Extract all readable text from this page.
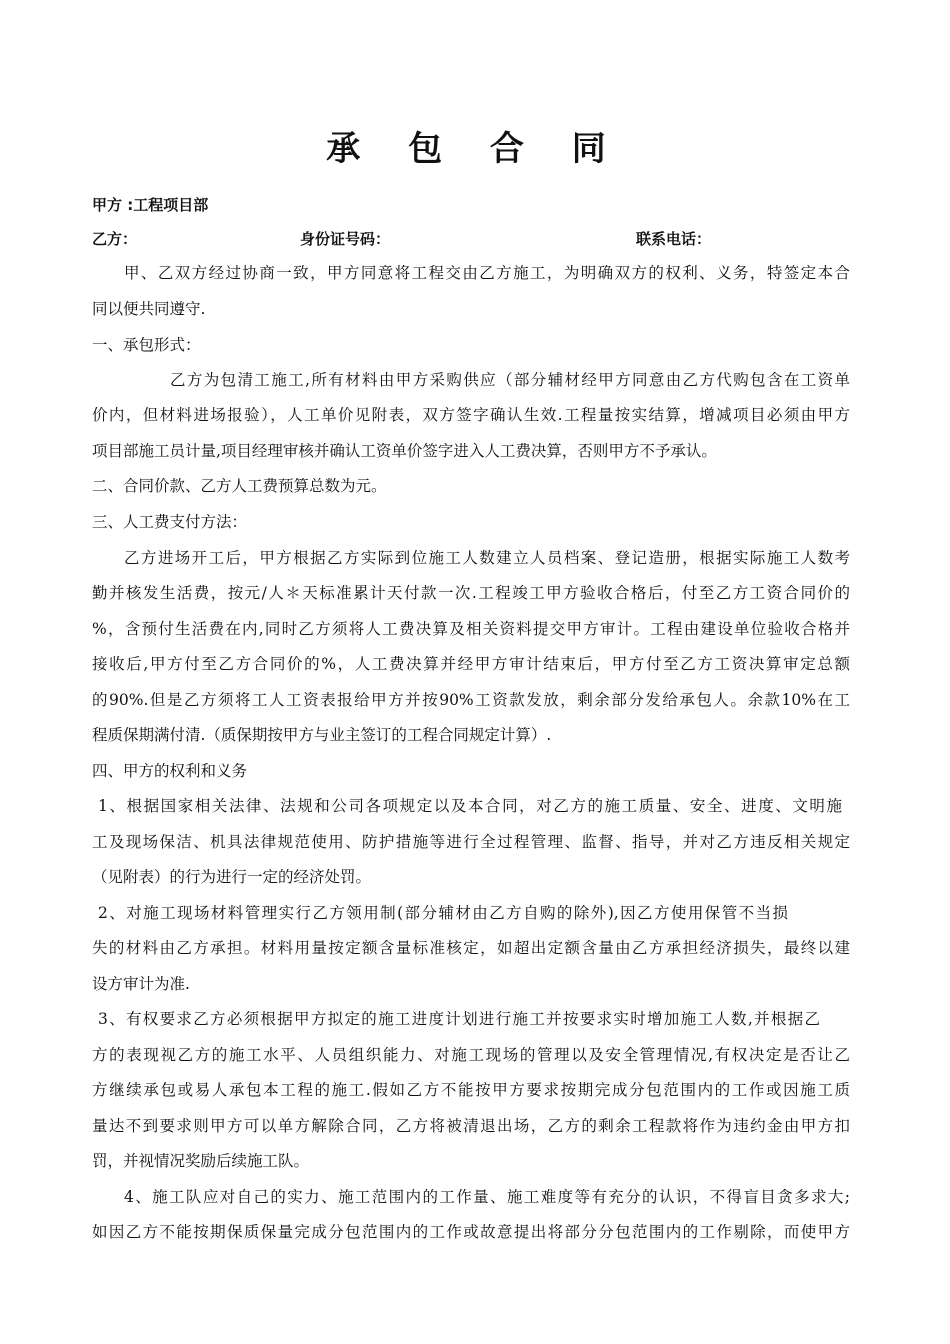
承 包 合 同
甲方 :工程项目部
乙方：	身份证号码：	联系电话：
甲、乙双方经过协商一致，甲方同意将工程交由乙方施工，为明确双方的权利、义务，特签定本合
同以便共同遵守.
一、承包形式：
乙方为包清工施工,所有材料由甲方采购供应（部分辅材经甲方同意由乙方代购包含在工资单
价内，但材料进场报验），人工单价见附表，双方签字确认生效.工程量按实结算，增减项目必须由甲方
项目部施工员计量,项目经理审核并确认工资单价签字进入人工费决算，否则甲方不予承认。
二、合同价款、乙方人工费预算总数为元。
三、人工费支付方法：
乙方进场开工后，甲方根据乙方实际到位施工人数建立人员档案、登记造册，根据实际施工人数考
勤并核发生活费，按元/人＊天标准累计天付款一次.工程竣工甲方验收合格后，付至乙方工资合同价的
%，含预付生活费在内,同时乙方须将人工费决算及相关资料提交甲方审计。工程由建设单位验收合格并
接收后,甲方付至乙方合同价的%，人工费决算并经甲方审计结束后，甲方付至乙方工资决算审定总额
的90%.但是乙方须将工人工资表报给甲方并按90%工资款发放，剩余部分发给承包人。余款10%在工
程质保期满付清.（质保期按甲方与业主签订的工程合同规定计算）.
四、甲方的权利和义务
1、根据国家相关法律、法规和公司各项规定以及本合同，对乙方的施工质量、安全、进度、文明施
工及现场保洁、机具法律规范使用、防护措施等进行全过程管理、监督、指导，并对乙方违反相关规定
（见附表）的行为进行一定的经济处罚。
2、对施工现场材料管理实行乙方领用制(部分辅材由乙方自购的除外),因乙方使用保管不当损
失的材料由乙方承担。材料用量按定额含量标准核定，如超出定额含量由乙方承担经济损失，最终以建
设方审计为准.
3、有权要求乙方必须根据甲方拟定的施工进度计划进行施工并按要求实时增加施工人数,并根据乙
方的表现视乙方的施工水平、人员组织能力、对施工现场的管理以及安全管理情况,有权决定是否让乙
方继续承包或易人承包本工程的施工.假如乙方不能按甲方要求按期完成分包范围内的工作或因施工质
量达不到要求则甲方可以单方解除合同，乙方将被清退出场，乙方的剩余工程款将作为违约金由甲方扣
罚，并视情况奖励后续施工队。
4、施工队应对自己的实力、施工范围内的工作量、施工难度等有充分的认识，不得盲目贪多求大;
如因乙方不能按期保质保量完成分包范围内的工作或故意提出将部分分包范围内的工作剔除，而使甲方
